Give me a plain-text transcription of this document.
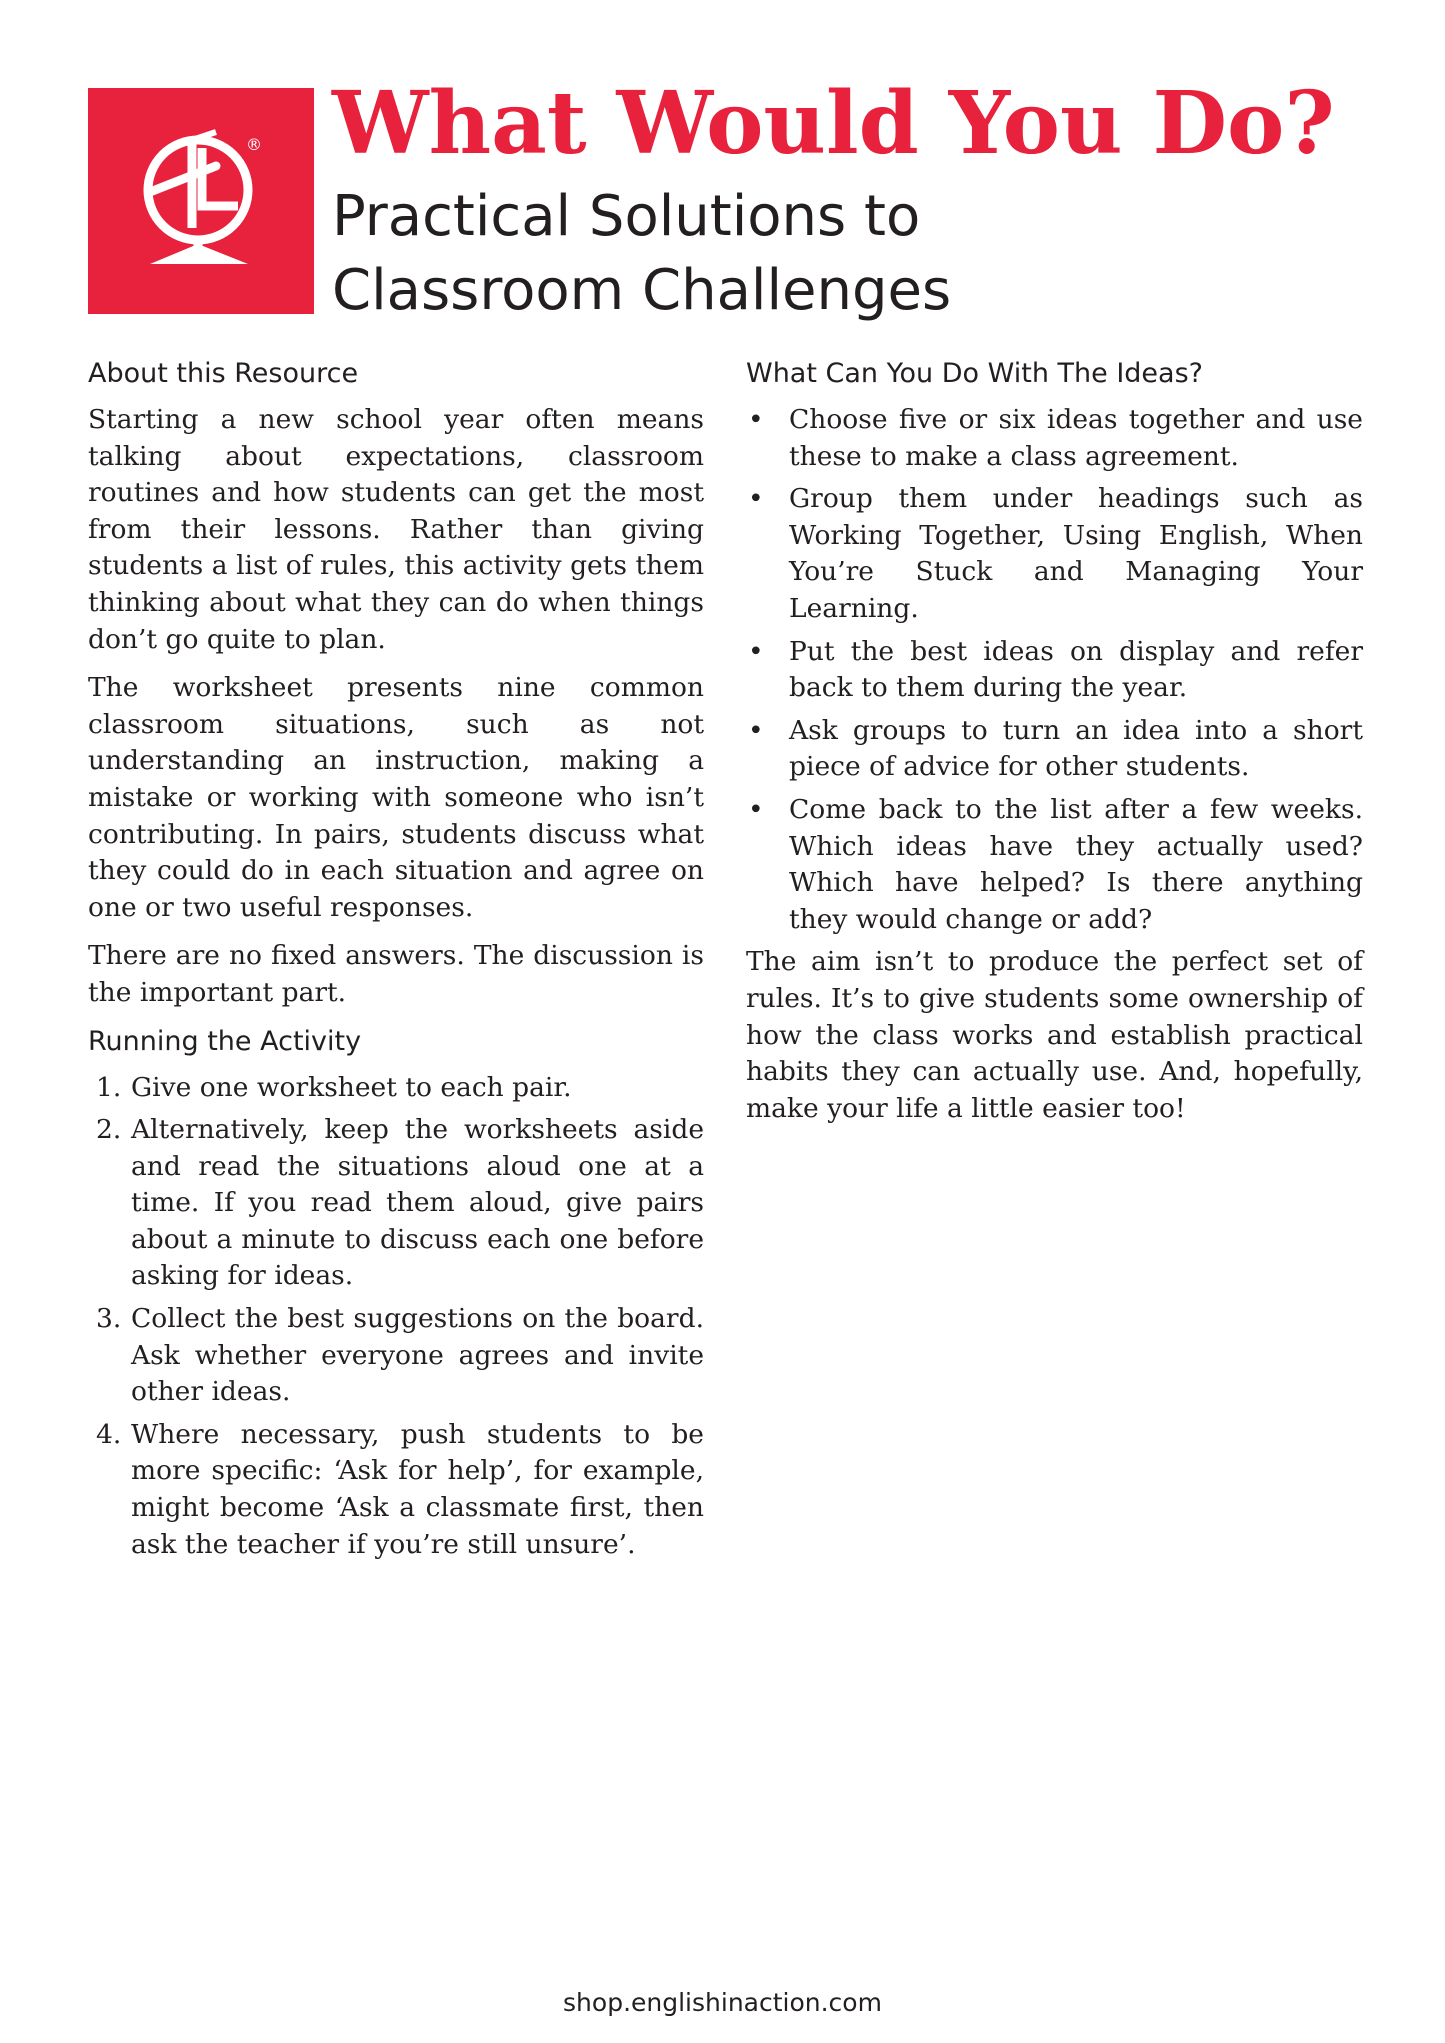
® What Would You Do?
Practical Solutions to
Classroom Challenges
About this Resource

Starting a new school year often means talking about expectations, classroom routines and how students can get the most from their lessons. Rather than giving students a list of rules, this activity gets them thinking about what they can do when things don’t go quite to plan.

The worksheet presents nine common classroom situations, such as not understanding an instruction, making a mistake or working with someone who isn’t contributing. In pairs, students discuss what they could do in each situation and agree on one or two useful responses.

There are no fixed answers. The discussion is the important part.

Running the Activity
1. Give one worksheet to each pair.
2. Alternatively, keep the worksheets aside and read the situations aloud one at a time. If you read them aloud, give pairs about a minute to discuss each one before asking for ideas.
3. Collect the best suggestions on the board. Ask whether everyone agrees and invite other ideas.
4. Where necessary, push students to be more specific: ‘Ask for help’, for example, might become ‘Ask a classmate first, then ask the teacher if you’re still unsure’.
What Can You Do With The Ideas?
• Choose five or six ideas together and use these to make a class agreement.
• Group them under headings such as Working Together, Using English, When You’re Stuck and Managing Your Learning.
• Put the best ideas on display and refer back to them during the year.
• Ask groups to turn an idea into a short piece of advice for other students.
• Come back to the list after a few weeks. Which ideas have they actually used? Which have helped? Is there anything they would change or add?

The aim isn’t to produce the perfect set of rules. It’s to give students some ownership of how the class works and establish practical habits they can actually use. And, hopefully, make your life a little easier too!

shop.englishinaction.com
